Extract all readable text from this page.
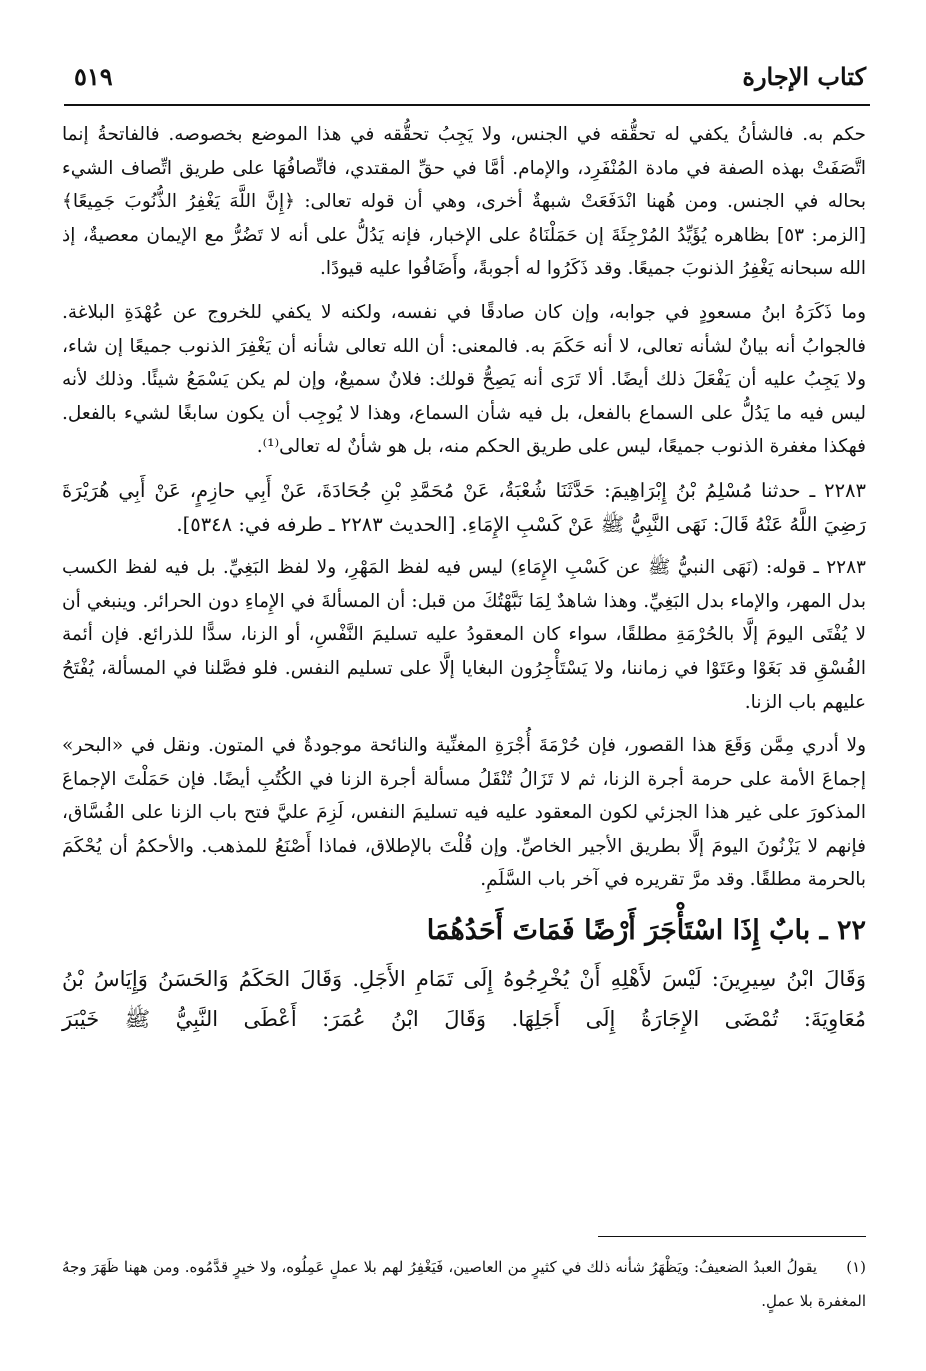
كتاب الإجارة
٥١٩

حكم به. فالشأنُ يكفي له تحقُّقه في الجنس، ولا يَجِبُ تحقُّقه في هذا الموضع بخصوصه. فالفاتحةُ إنما اتَّصَفَتْ بهذه الصفة في مادة المُنْفَرِد، والإمام. أمَّا في حقِّ المقتدي، فاتِّصافُهَا على طريق اتِّصاف الشيء بحاله في الجنس. ومن هُهنا انْدَفَعَتْ شبهةٌ أخرى، وهي أن قوله تعالى: ﴿إِنَّ اللَّهَ يَغْفِرُ الذُّنُوبَ جَمِيعًا﴾ [الزمر: ٥٣] بظاهره يُؤَيِّدُ المُرْجِئَةَ إن حَمَلْنَاهُ على الإخبار، فإنه يَدُلُّ على أنه لا تَضُرُّ مع الإيمان معصيةٌ، إذ الله سبحانه يَغْفِرُ الذنوبَ جميعًا. وقد ذَكَرُوا له أجوبةً، وأَضَافُوا عليه قيودًا.

وما ذَكَرَهُ ابنُ مسعودٍ في جوابه، وإن كان صادقًا في نفسه، ولكنه لا يكفي للخروج عن عُهْدَةِ البلاغة. فالجوابُ أنه بيانٌ لشأنه تعالى، لا أنه حَكَمَ به. فالمعنى: أن الله تعالى شأنه أن يَغْفِرَ الذنوب جميعًا إن شاء، ولا يَجِبُ عليه أن يَفْعَلَ ذلك أيضًا. ألا تَرَى أنه يَصِحُّ قولك: فلانٌ سميعٌ، وإن لم يكن يَسْمَعُ شيئًا. وذلك لأنه ليس فيه ما يَدُلُّ على السماع بالفعل، بل فيه شأن السماع، وهذا لا يُوجِب أن يكون سابغًا لشيء بالفعل. فهكذا مغفرة الذنوب جميعًا، ليس على طريق الحكم منه، بل هو شأنٌ له تعالى⁽¹⁾.

٢٢٨٣ ـ حدثنا مُسْلِمُ بْنُ إِبْرَاهِيمَ: حَدَّثَنَا شُعْبَةُ، عَنْ مُحَمَّدِ بْنِ جُحَادَةَ، عَنْ أَبِي حازِمٍ، عَنْ أَبِي هُرَيْرَةَ رَضِيَ اللَّهُ عَنْهُ قَالَ: نَهَى النَّبِيُّ ﷺ عَنْ كَسْبِ الإِمَاءِ. [الحديث ٢٢٨٣ ـ طرفه في: ٥٣٤٨].

٢٢٨٣ ـ قوله: (نَهَى النبيُّ ﷺ عن كَسْبِ الإِمَاءِ) ليس فيه لفظ المَهْرِ، ولا لفظ البَغِيِّ. بل فيه لفظ الكسب بدل المهر، والإماء بدل البَغِيِّ. وهذا شاهدٌ لِمَا نَبَّهْتُكَ من قبل: أن المسألةَ في الإِماءِ دون الحرائر. وينبغي أن لا يُفْتَى اليومَ إلَّا بالحُرْمَةِ مطلقًا، سواء كان المعقودُ عليه تسليمَ النَّفْسِ، أو الزنا، سدًّا للذرائع. فإن أئمة الفُسْقِ قد بَغَوْا وعَتَوْا في زماننا، ولا يَسْتَأْجِرُون البغايا إلَّا على تسليم النفس. فلو فصَّلنا في المسألة، يُفْتَحُ عليهم باب الزنا.

ولا أدري مِمَّن وَقَعَ هذا القصور، فإن حُرْمَةَ أُجْرَةِ المغنِّية والنائحة موجودةٌ في المتون. ونقل في «البحر» إجماعَ الأمة على حرمة أجرة الزنا، ثم لا تَزَالُ تُنْقَلُ مسألة أجرة الزنا في الكُتُبِ أيضًا. فإن حَمَلْتَ الإجماعَ المذكورَ على غير هذا الجزئي لكون المعقود عليه فيه تسليمَ النفس، لَزِمَ عليَّ فتح باب الزنا على الفُسَّاق، فإنهم لا يَزْنُونَ اليومَ إلَّا بطريق الأجير الخاصِّ. وإن قُلْتَ بالإطلاق، فماذا أَصْنَعُ للمذهب. والأحكمُ أن يُحْكَمَ بالحرمة مطلقًا. وقد مرَّ تقريره في آخر باب السَّلَمِ.

٢٢ ـ بابٌ إِذَا اسْتَأْجَرَ أَرْضًا فَمَاتَ أَحَدُهُمَا

وَقَالَ ابْنُ سِيرِينَ: لَيْسَ لأَهْلِهِ أَنْ يُخْرِجُوهُ إِلَى تَمَامِ الأَجَلِ. وَقَالَ الحَكَمُ وَالحَسَنُ وَإِيَاسُ بْنُ مُعَاوِيَةَ: تُمْضَى الإِجَارَةُ إِلَى أَجَلِهَا. وَقَالَ ابْنُ عُمَرَ: أَعْطَى النَّبِيُّ ﷺ خَيْبَرَ

(١) يقولُ العبدُ الضعيفُ: ويَظْهَرُ شأنه ذلك في كثيرٍ من العاصين، فَيَغْفِرُ لهم بلا عملٍ عَمِلُوه، ولا خيرٍ قدَّمُوه. ومن ههنا ظَهَرَ وجهُ المغفرة بلا عملٍ.
